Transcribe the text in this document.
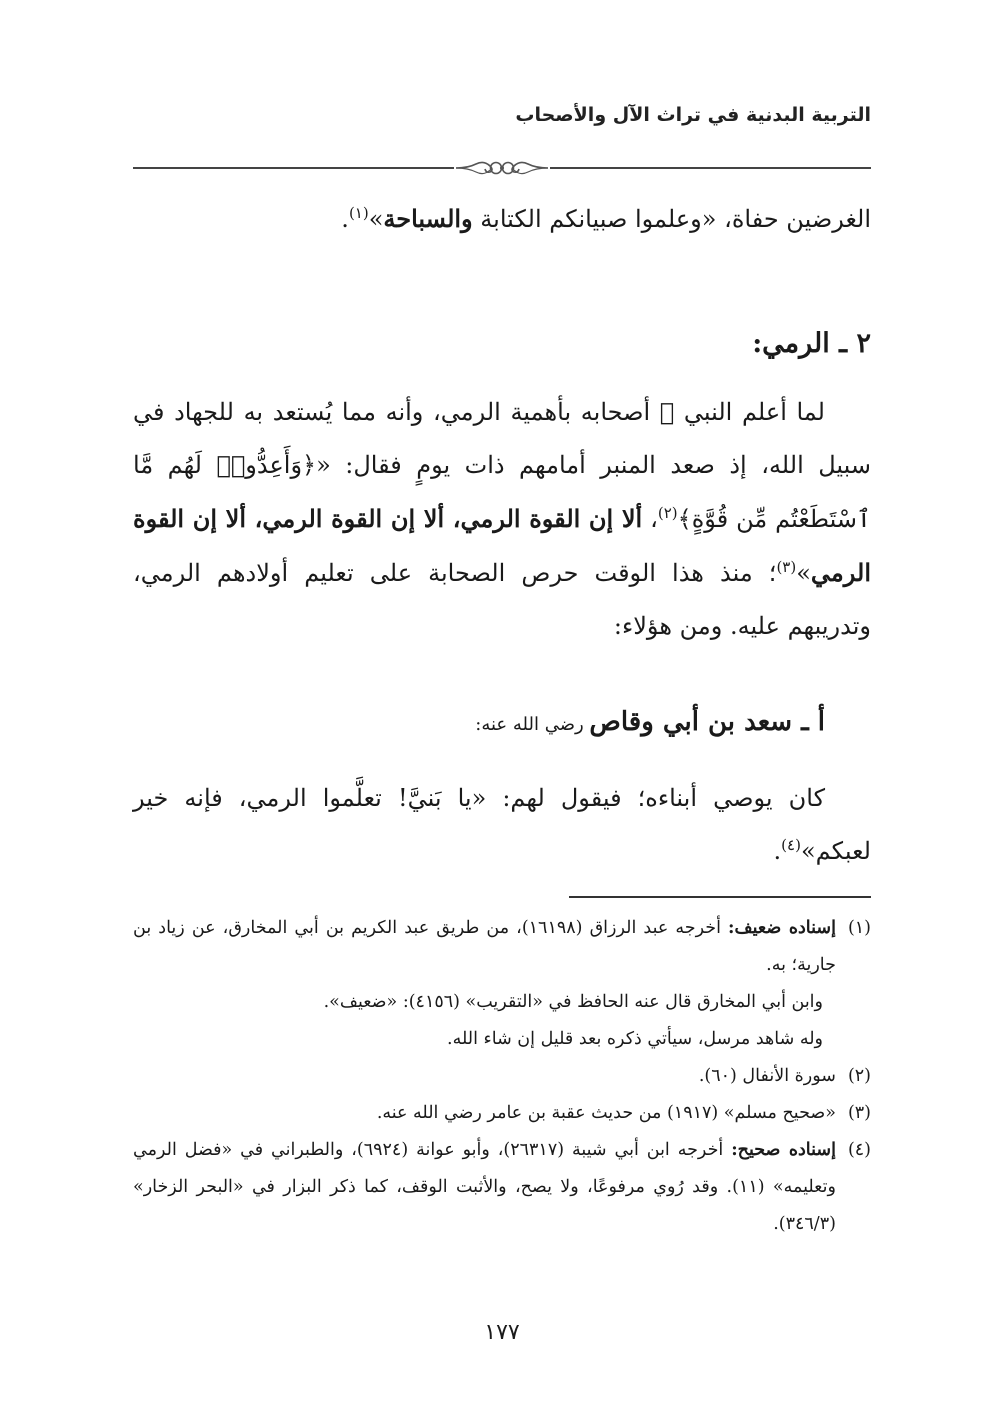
التربية البدنية في تراث الآل والأصحاب
الغرضين حفاة، «وعلموا صبيانكم الكتابة والسباحة»$^{(١)}$.
٢ ـ الرمي:
لما أعلم النبي ﷺ أصحابه بأهمية الرمي، وأنه مما يُستعد به للجهاد في سبيل الله، إذ صعد المنبر أمامهم ذات يومٍ فقال: «﴿وَأَعِدُّوا۟ لَهُم مَّا ٱسْتَطَعْتُم مِّن قُوَّةٍ﴾$^{(٢)}$، ألا إن القوة الرمي، ألا إن القوة الرمي، ألا إن القوة الرمي»$^{(٣)}$؛ منذ هذا الوقت حرص الصحابة على تعليم أولادهم الرمي، وتدريبهم عليه. ومن هؤلاء:
أ ـ سعد بن أبي وقاص رضي الله عنه:
كان يوصي أبناءه؛ فيقول لهم: «يا بَنيَّ! تعلَّموا الرمي، فإنه خير لعبكم»$^{(٤)}$.
(١)
إسناده ضعيف: أخرجه عبد الرزاق (١٦١٩٨)، من طريق عبد الكريم بن أبي المخارق، عن زياد بن جارية؛ به.
وابن أبي المخارق قال عنه الحافظ في «التقريب» (٤١٥٦): «ضعيف».
وله شاهد مرسل، سيأتي ذكره بعد قليل إن شاء الله.
(٢)
سورة الأنفال (٦٠).
(٣)
«صحيح مسلم» (١٩١٧) من حديث عقبة بن عامر رضي الله عنه.
(٤)
إسناده صحيح: أخرجه ابن أبي شيبة (٢٦٣١٧)، وأبو عوانة (٦٩٢٤)، والطبراني في «فضل الرمي وتعليمه» (١١). وقد رُوي مرفوعًا، ولا يصح، والأثبت الوقف، كما ذكر البزار في «البحر الزخار» (٣٤٦/٣).
١٧٧
